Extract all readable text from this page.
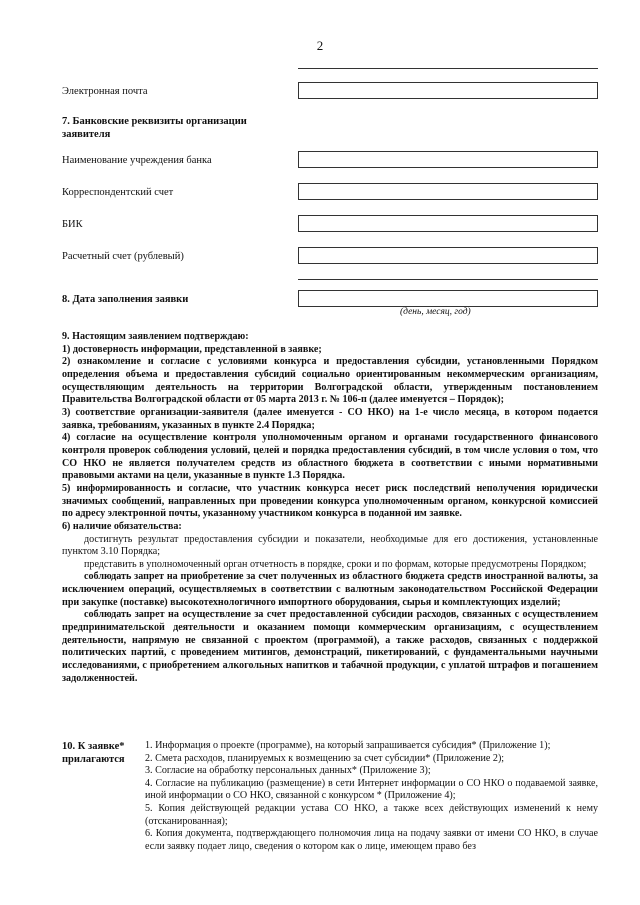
2
Электронная почта
7. Банковские реквизиты организации
заявителя
Наименование учреждения банка
Корреспондентский счет
БИК
Расчетный счет (рублевый)
8. Дата заполнения заявки
(день, месяц, год)

9. Настоящим заявлением подтверждаю:

1) достоверность информации, представленной в заявке;

2) ознакомление и согласие с условиями конкурса и предоставления субсидии, установленными Порядком определения объема и предоставления субсидий социально ориентированным некоммерческим организациям, осуществляющим деятельность на территории Волгоградской области, утвержденным постановлением Правительства Волгоградской области от 05 марта 2013 г. № 106-п (далее именуется – Порядок);

3) соответствие организации-заявителя (далее именуется - СО НКО) на 1-е число месяца, в котором подается заявка, требованиям, указанных в пункте 2.4 Порядка;

4) согласие на осуществление контроля уполномоченным органом и органами государственного финансового контроля проверок соблюдения условий, целей и порядка предоставления субсидий, в том числе условия о том, что СО НКО не является получателем средств из областного бюджета в соответствии с иными нормативными правовыми актами на цели, указанные в пункте 1.3 Порядка.

5) информированность и согласие, что участник конкурса несет риск последствий неполучения юридически значимых сообщений, направленных при проведении конкурса уполномоченным органом, конкурсной комиссией по адресу электронной почты, указанному участником конкурса в поданной им заявке.

6) наличие обязательства:

достигнуть результат предоставления субсидии и показатели, необходимые для его достижения, установленные пунктом 3.10 Порядка;

представить в уполномоченный орган отчетность в порядке, сроки и по формам, которые предусмотрены Порядком;

соблюдать запрет на приобретение за счет полученных из областного бюджета средств иностранной валюты, за исключением операций, осуществляемых в соответствии с валютным законодательством Российской Федерации при закупке (поставке) высокотехнологичного импортного оборудования, сырья и комплектующих изделий;

соблюдать запрет на осуществление за счет предоставленной субсидии расходов, связанных с осуществлением предпринимательской деятельности и оказанием помощи коммерческим организациям, с осуществлением деятельности, напрямую не связанной с проектом (программой), а также расходов, связанных с поддержкой политических партий, с проведением митингов, демонстраций, пикетирований, с фундаментальными научными исследованиями, с приобретением алкогольных напитков и табачной продукции, с уплатой штрафов и погашением задолженностей.

10. К заявке*
прилагаются

1. Информация о проекте (программе), на который запрашивается субсидия* (Приложение 1);

2. Смета расходов, планируемых к возмещению за счет субсидии* (Приложение 2);

3. Согласие на обработку персональных данных* (Приложение 3);

4. Согласие на публикацию (размещение) в сети Интернет информации о СО НКО о подаваемой заявке, иной информации о СО НКО, связанной с конкурсом * (Приложение 4);

5. Копия действующей редакции устава СО НКО, а также всех действующих изменений к нему (отсканированная);

6. Копия документа, подтверждающего полномочия лица на подачу заявки от имени СО НКО, в случае если заявку подает лицо, сведения о котором как о лице, имеющем право без
